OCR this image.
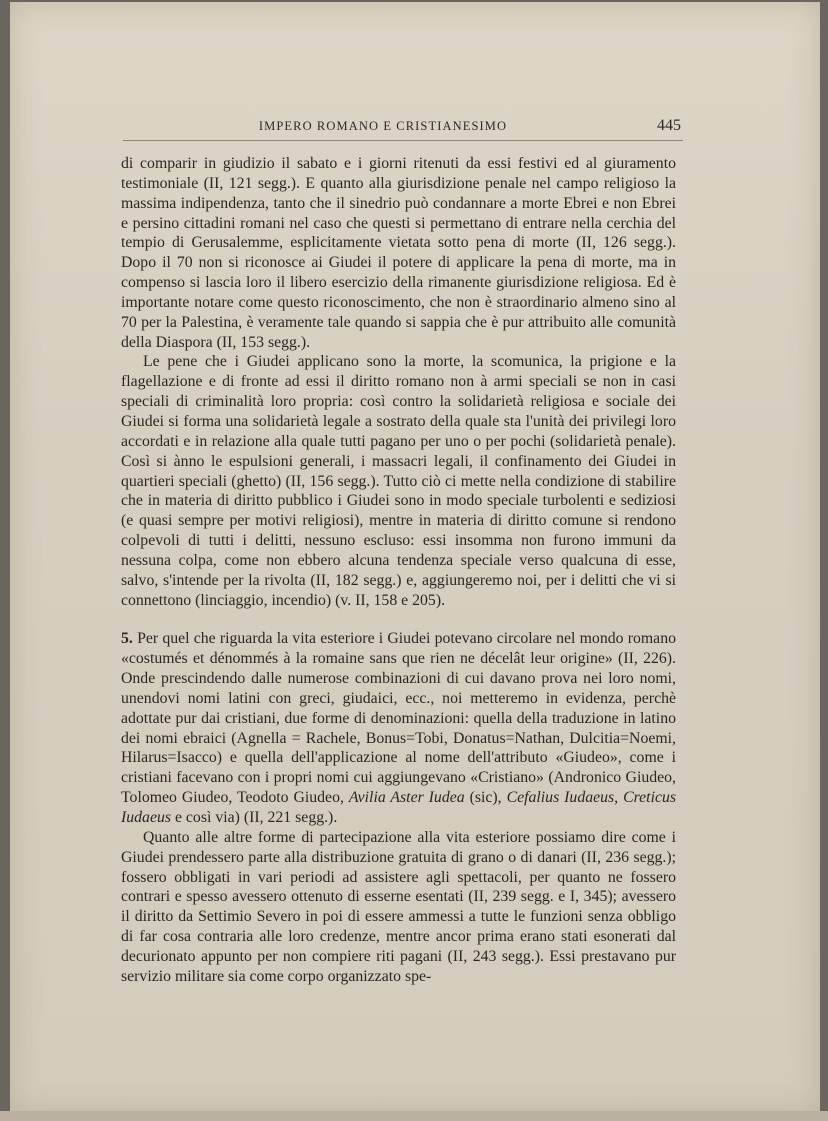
IMPERO ROMANO E CRISTIANESIMO	445

di comparir in giudizio il sabato e i giorni ritenuti da essi festivi ed al giuramento testimoniale (II, 121 segg.). E quanto alla giurisdizione penale nel campo religioso la massima indipendenza, tanto che il sinedrio può condannare a morte Ebrei e non Ebrei e persino cittadini romani nel caso che questi si permettano di entrare nella cerchia del tempio di Gerusalemme, esplicitamente vietata sotto pena di morte (II, 126 segg.). Dopo il 70 non si riconosce ai Giudei il potere di applicare la pena di morte, ma in compenso si lascia loro il libero esercizio della rimanente giurisdizione religiosa. Ed è importante notare come questo riconoscimento, che non è straordinario almeno sino al 70 per la Palestina, è veramente tale quando si sappia che è pur attribuito alle comunità della Diaspora (II, 153 segg.).

Le pene che i Giudei applicano sono la morte, la scomunica, la prigione e la flagellazione e di fronte ad essi il diritto romano non à armi speciali se non in casi speciali di criminalità loro propria: così contro la solidarietà religiosa e sociale dei Giudei si forma una solidarietà legale a sostrato della quale sta l'unità dei privilegi loro accordati e in relazione alla quale tutti pagano per uno o per pochi (solidarietà penale). Così si ànno le espulsioni generali, i massacri legali, il confinamento dei Giudei in quartieri speciali (ghetto) (II, 156 segg.). Tutto ciò ci mette nella condizione di stabilire che in materia di diritto pubblico i Giudei sono in modo speciale turbolenti e sediziosi (e quasi sempre per motivi religiosi), mentre in materia di diritto comune si rendono colpevoli di tutti i delitti, nessuno escluso: essi insomma non furono immuni da nessuna colpa, come non ebbero alcuna tendenza speciale verso qualcuna di esse, salvo, s'intende per la rivolta (II, 182 segg.) e, aggiungeremo noi, per i delitti che vi si connettono (linciaggio, incendio) (v. II, 158 e 205).

5. Per quel che riguarda la vita esteriore i Giudei potevano circolare nel mondo romano «costumés et dénommés à la romaine sans que rien ne décelât leur origine» (II, 226). Onde prescindendo dalle numerose combinazioni di cui davano prova nei loro nomi, unendovi nomi latini con greci, giudaici, ecc., noi metteremo in evidenza, perchè adottate pur dai cristiani, due forme di denominazioni: quella della traduzione in latino dei nomi ebraici (Agnella = Rachele, Bonus=Tobi, Donatus=Nathan, Dulcitia=Noemi, Hilarus=Isacco) e quella dell'applicazione al nome dell'attributo «Giudeo», come i cristiani facevano con i propri nomi cui aggiungevano «Cristiano» (Andronico Giudeo, Tolomeo Giudeo, Teodoto Giudeo, Avilia Aster Iudea (sic), Cefalius Iudaeus, Creticus Iudaeus e così via) (II, 221 segg.).

Quanto alle altre forme di partecipazione alla vita esteriore possiamo dire come i Giudei prendessero parte alla distribuzione gratuita di grano o di danari (II, 236 segg.); fossero obbligati in vari periodi ad assistere agli spettacoli, per quanto ne fossero contrari e spesso avessero ottenuto di esserne esentati (II, 239 segg. e I, 345); avessero il diritto da Settimio Severo in poi di essere ammessi a tutte le funzioni senza obbligo di far cosa contraria alle loro credenze, mentre ancor prima erano stati esonerati dal decurionato appunto per non compiere riti pagani (II, 243 segg.). Essi prestavano pur servizio militare sia come corpo organizzato spe-
